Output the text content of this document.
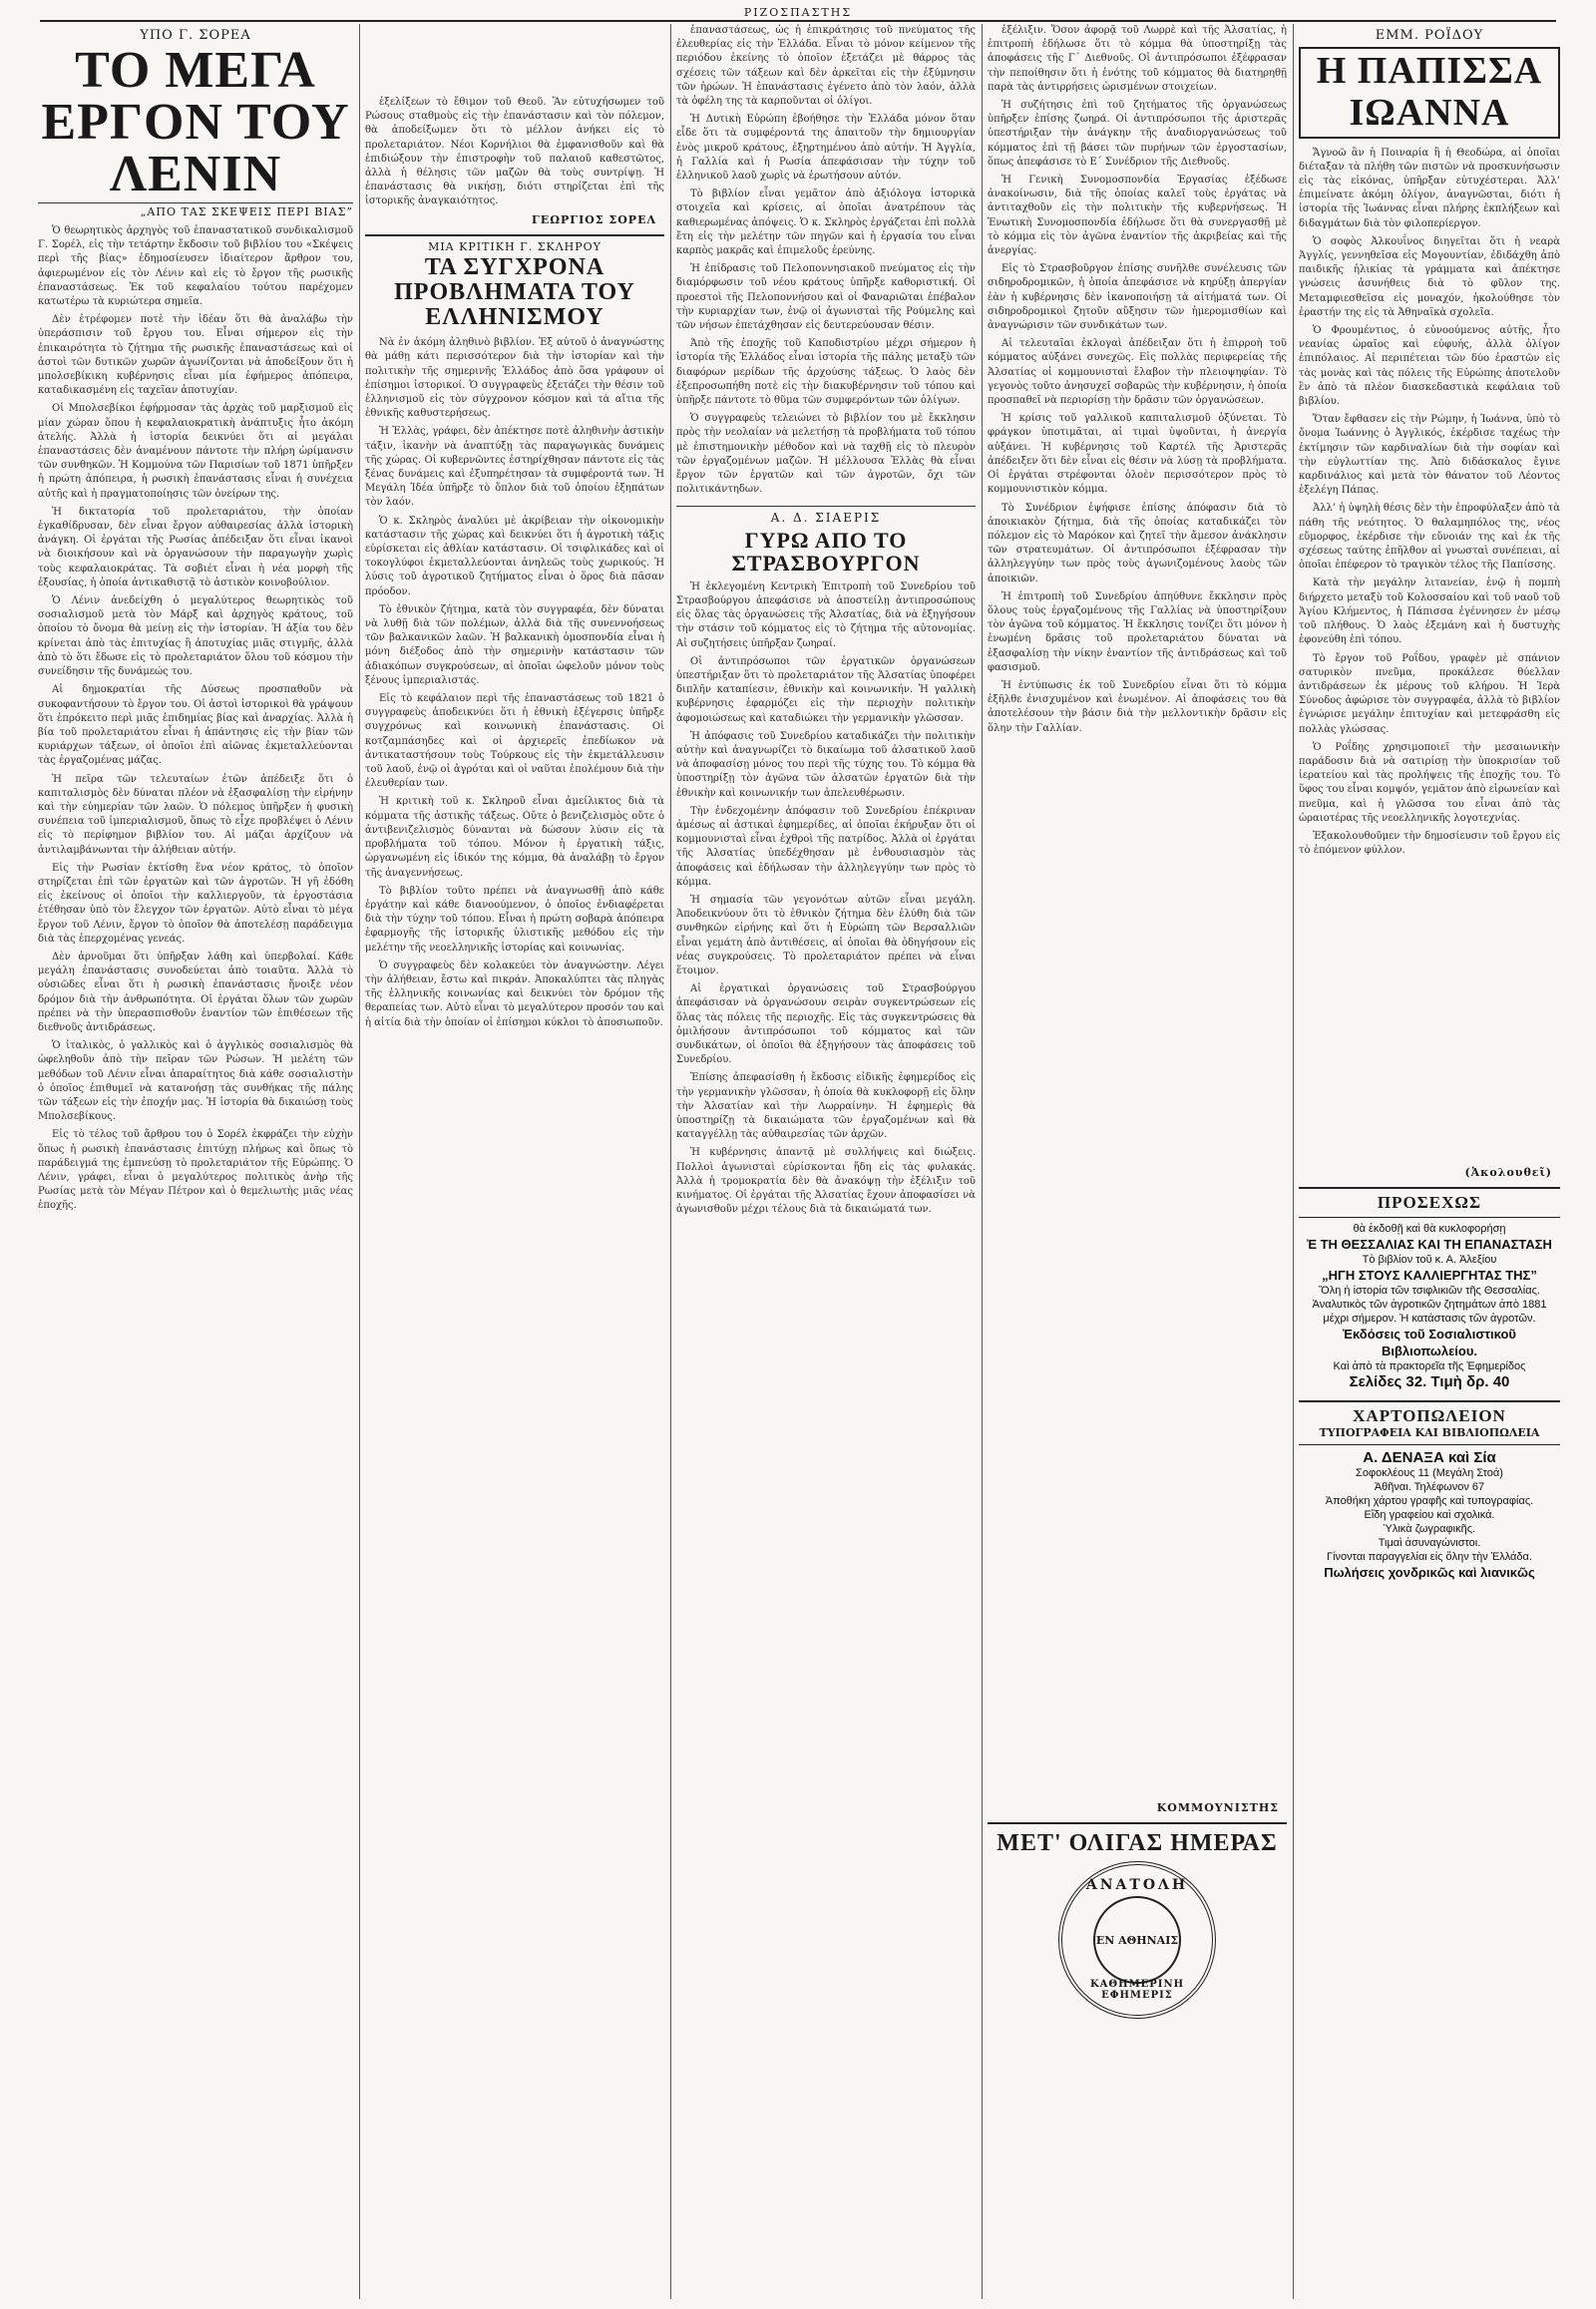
ΡΙΖΟΣΠΑΣΤΗΣ
ΥΠΟ Γ. ΣΟΡΕΑ
ΤΟ ΜΕΓΑ ΕΡΓΟΝ ΤΟΥ ΛΕΝΙΝ
„ΑΠΟ ΤΑΣ ΣΚΕΨΕΙΣ ΠΕΡΙ ΒΙΑΣ”

Ὁ θεωρητικὸς ἀρχηγὸς τοῦ ἐπαναστατικοῦ συνδικαλισμοῦ Γ. Σορέλ, εἰς τὴν τετάρτην ἔκδοσιν τοῦ βιβλίου του «Σκέψεις περὶ τῆς βίας» ἐδημοσίευσεν ἰδιαίτερον ἄρθρον του, ἀφιερωμένον εἰς τὸν Λένιν καὶ εἰς τὸ ἔργον τῆς ρωσικῆς ἐπαναστάσεως. Ἐκ τοῦ κεφαλαίου τούτου παρέχομεν κατωτέρω τὰ κυριώτερα σημεῖα.

Δὲν ἐτρέφομεν ποτὲ τὴν ἰδέαν ὅτι θὰ ἀναλάβω τὴν ὑπεράσπισιν τοῦ ἔργου του. Εἶναι σήμερον εἰς τὴν ἐπικαιρότητα τὸ ζήτημα τῆς ρωσικῆς ἐπαναστάσεως καὶ οἱ ἀστοὶ τῶν δυτικῶν χωρῶν ἀγωνίζονται νὰ ἀποδείξουν ὅτι ἡ μπολσεβίκικη κυβέρνησις εἶναι μία ἐφήμερος ἀπόπειρα, καταδικασμένη εἰς ταχεῖαν ἀποτυχίαν.

Οἱ Μπολσεβίκοι ἐφήρμοσαν τὰς ἀρχὰς τοῦ μαρξισμοῦ εἰς μίαν χώραν ὅπου ἡ κεφαλαιοκρατικὴ ἀνάπτυξις ἦτο ἀκόμη ἀτελής. Ἀλλὰ ἡ ἱστορία δεικνύει ὅτι αἱ μεγάλαι ἐπαναστάσεις δὲν ἀναμένουν πάντοτε τὴν πλήρη ὡρίμανσιν τῶν συνθηκῶν. Ἡ Κομμούνα τῶν Παρισίων τοῦ 1871 ὑπῆρξεν ἡ πρώτη ἀπόπειρα, ἡ ρωσικὴ ἐπανάστασις εἶναι ἡ συνέχεια αὐτῆς καὶ ἡ πραγματοποίησις τῶν ὀνείρων της.

Ἡ δικτατορία τοῦ προλεταριάτου, τὴν ὁποίαν ἐγκαθίδρυσαν, δὲν εἶναι ἔργον αὐθαιρεσίας ἀλλὰ ἱστορικὴ ἀνάγκη. Οἱ ἐργάται τῆς Ρωσίας ἀπέδειξαν ὅτι εἶναι ἱκανοὶ νὰ διοικήσουν καὶ νὰ ὀργανώσουν τὴν παραγωγὴν χωρὶς τοὺς κεφαλαιοκράτας. Τὰ σοβιέτ εἶναι ἡ νέα μορφὴ τῆς ἐξουσίας, ἡ ὁποία ἀντικαθιστᾷ τὸ ἀστικὸν κοινοβούλιον.

Ὁ Λένιν ἀνεδείχθη ὁ μεγαλύτερος θεωρητικὸς τοῦ σοσιαλισμοῦ μετὰ τὸν Μάρξ καὶ ἀρχηγὸς κράτους, τοῦ ὁποίου τὸ ὄνομα θὰ μείνῃ εἰς τὴν ἱστορίαν. Ἡ ἀξία του δὲν κρίνεται ἀπὸ τὰς ἐπιτυχίας ἢ ἀποτυχίας μιᾶς στιγμῆς, ἀλλὰ ἀπὸ τὸ ὅτι ἔδωσε εἰς τὸ προλεταριάτον ὅλου τοῦ κόσμου τὴν συνείδησιν τῆς δυνάμεώς του.

Αἱ δημοκρατίαι τῆς Δύσεως προσπαθοῦν νὰ συκοφαντήσουν τὸ ἔργον του. Οἱ ἀστοὶ ἱστορικοὶ θὰ γράψουν ὅτι ἐπρόκειτο περὶ μιᾶς ἐπιδημίας βίας καὶ ἀναρχίας. Ἀλλὰ ἡ βία τοῦ προλεταριάτου εἶναι ἡ ἀπάντησις εἰς τὴν βίαν τῶν κυριάρχων τάξεων, οἱ ὁποῖοι ἐπὶ αἰῶνας ἐκμεταλλεύονται τὰς ἐργαζομένας μάζας.

Ἡ πεῖρα τῶν τελευταίων ἐτῶν ἀπέδειξε ὅτι ὁ καπιταλισμὸς δὲν δύναται πλέον νὰ ἐξασφαλίσῃ τὴν εἰρήνην καὶ τὴν εὐημερίαν τῶν λαῶν. Ὁ πόλεμος ὑπῆρξεν ἡ φυσικὴ συνέπεια τοῦ ἰμπεριαλισμοῦ, ὅπως τὸ εἶχε προβλέψει ὁ Λένιν εἰς τὸ περίφημον βιβλίον του. Αἱ μάζαι ἀρχίζουν νὰ ἀντιλαμβάνωνται τὴν ἀλήθειαν αὐτήν.

Εἰς τὴν Ρωσίαν ἐκτίσθη ἕνα νέον κράτος, τὸ ὁποῖον στηρίζεται ἐπὶ τῶν ἐργατῶν καὶ τῶν ἀγροτῶν. Ἡ γῆ ἐδόθη εἰς ἐκείνους οἱ ὁποῖοι τὴν καλλιεργοῦν, τὰ ἐργοστάσια ἐτέθησαν ὑπὸ τὸν ἔλεγχον τῶν ἐργατῶν. Αὐτὸ εἶναι τὸ μέγα ἔργον τοῦ Λένιν, ἔργον τὸ ὁποῖον θὰ ἀποτελέσῃ παράδειγμα διὰ τὰς ἐπερχομένας γενεάς.

Δὲν ἀρνοῦμαι ὅτι ὑπῆρξαν λάθη καὶ ὑπερβολαί. Κάθε μεγάλη ἐπανάστασις συνοδεύεται ἀπὸ τοιαῦτα. Ἀλλὰ τὸ οὐσιῶδες εἶναι ὅτι ἡ ρωσικὴ ἐπανάστασις ἤνοιξε νέον δρόμον διὰ τὴν ἀνθρωπότητα. Οἱ ἐργάται ὅλων τῶν χωρῶν πρέπει νὰ τὴν ὑπερασπισθοῦν ἐναντίον τῶν ἐπιθέσεων τῆς διεθνοῦς ἀντιδράσεως.

Ὁ ἰταλικὸς, ὁ γαλλικὸς καὶ ὁ ἀγγλικὸς σοσιαλισμὸς θὰ ὠφεληθοῦν ἀπὸ τὴν πεῖραν τῶν Ρώσων. Ἡ μελέτη τῶν μεθόδων τοῦ Λένιν εἶναι ἀπαραίτητος διὰ κάθε σοσιαλιστὴν ὁ ὁποῖος ἐπιθυμεῖ νὰ κατανοήσῃ τὰς συνθήκας τῆς πάλης τῶν τάξεων εἰς τὴν ἐποχήν μας. Ἡ ἱστορία θὰ δικαιώσῃ τοὺς Μπολσεβίκους.

Εἰς τὸ τέλος τοῦ ἄρθρου του ὁ Σορέλ ἐκφράζει τὴν εὐχὴν ὅπως ἡ ρωσικὴ ἐπανάστασις ἐπιτύχῃ πλήρως καὶ ὅπως τὸ παράδειγμά της ἐμπνεύσῃ τὸ προλεταριάτον τῆς Εὐρώπης. Ὁ Λένιν, γράφει, εἶναι ὁ μεγαλύτερος πολιτικὸς ἀνὴρ τῆς Ρωσίας μετὰ τὸν Μέγαν Πέτρον καὶ ὁ θεμελιωτὴς μιᾶς νέας ἐποχῆς.

ἐξελίξεων τὸ ἔθιμον τοῦ Θεοῦ. Ἂν εὐτυχήσωμεν τοῦ Ρώσους σταθμοὺς εἰς τὴν ἐπανάστασιν καὶ τὸν πόλεμον, θὰ ἀποδείξωμεν ὅτι τὸ μέλλον ἀνήκει εἰς τὸ προλεταριάτον. Νέοι Κορνήλιοι θὰ ἐμφανισθοῦν καὶ θὰ ἐπιδιώξουν τὴν ἐπιστροφὴν τοῦ παλαιοῦ καθεστῶτος, ἀλλὰ ἡ θέλησις τῶν μαζῶν θὰ τοὺς συντρίψῃ. Ἡ ἐπανάστασις θὰ νικήσῃ, διότι στηρίζεται ἐπὶ τῆς ἱστορικῆς ἀναγκαιότητος.

ΓΕΩΡΓΙΟΣ ΣΟΡΕΛ
ΜΙΑ ΚΡΙΤΙΚΗ Γ. ΣΚΛΗΡΟΥ
ΤΑ ΣΥΓΧΡΟΝΑ ΠΡΟΒΛΗΜΑΤΑ ΤΟΥ ΕΛΛΗΝΙΣΜΟΥ

Νὰ ἐν ἀκόμη ἀληθινὸ βιβλίον. Ἐξ αὐτοῦ ὁ ἀναγνώστης θὰ μάθῃ κάτι περισσότερον διὰ τὴν ἱστορίαν καὶ τὴν πολιτικὴν τῆς σημερινῆς Ἑλλάδος ἀπὸ ὅσα γράφουν οἱ ἐπίσημοι ἱστορικοί. Ὁ συγγραφεὺς ἐξετάζει τὴν θέσιν τοῦ ἑλληνισμοῦ εἰς τὸν σύγχρονον κόσμον καὶ τὰ αἴτια τῆς ἐθνικῆς καθυστερήσεως.

Ἡ Ἑλλὰς, γράφει, δὲν ἀπέκτησε ποτὲ ἀληθινὴν ἀστικὴν τάξιν, ἱκανὴν νὰ ἀναπτύξῃ τὰς παραγωγικὰς δυνάμεις τῆς χώρας. Οἱ κυβερνῶντες ἐστηρίχθησαν πάντοτε εἰς τὰς ξένας δυνάμεις καὶ ἐξυπηρέτησαν τὰ συμφέροντά των. Ἡ Μεγάλη Ἰδέα ὑπῆρξε τὸ ὅπλον διὰ τοῦ ὁποίου ἐξηπάτων τὸν λαόν.

Ὁ κ. Σκληρὸς ἀναλύει μὲ ἀκρίβειαν τὴν οἰκονομικὴν κατάστασιν τῆς χώρας καὶ δεικνύει ὅτι ἡ ἀγροτικὴ τάξις εὑρίσκεται εἰς ἀθλίαν κατάστασιν. Οἱ τσιφλικάδες καὶ οἱ τοκογλύφοι ἐκμεταλλεύονται ἀνηλεῶς τοὺς χωρικούς. Ἡ λύσις τοῦ ἀγροτικοῦ ζητήματος εἶναι ὁ ὅρος διὰ πᾶσαν πρόοδον.

Τὸ ἐθνικὸν ζήτημα, κατὰ τὸν συγγραφέα, δὲν δύναται νὰ λυθῇ διὰ τῶν πολέμων, ἀλλὰ διὰ τῆς συνεννοήσεως τῶν βαλκανικῶν λαῶν. Ἡ βαλκανικὴ ὁμοσπονδία εἶναι ἡ μόνη διέξοδος ἀπὸ τὴν σημερινὴν κατάστασιν τῶν ἀδιακόπων συγκρούσεων, αἱ ὁποῖαι ὠφελοῦν μόνον τοὺς ξένους ἰμπεριαλιστάς.

Εἰς τὸ κεφάλαιον περὶ τῆς ἐπαναστάσεως τοῦ 1821 ὁ συγγραφεὺς ἀποδεικνύει ὅτι ἡ ἐθνικὴ ἐξέγερσις ὑπῆρξε συγχρόνως καὶ κοινωνικὴ ἐπανάστασις. Οἱ κοτζαμπάσηδες καὶ οἱ ἀρχιερεῖς ἐπεδίωκον νὰ ἀντικαταστήσουν τοὺς Τούρκους εἰς τὴν ἐκμετάλλευσιν τοῦ λαοῦ, ἐνῷ οἱ ἀγρόται καὶ οἱ ναῦται ἐπολέμουν διὰ τὴν ἐλευθερίαν των.

Ἡ κριτικὴ τοῦ κ. Σκληροῦ εἶναι ἀμείλικτος διὰ τὰ κόμματα τῆς ἀστικῆς τάξεως. Οὔτε ὁ βενιζελισμὸς οὔτε ὁ ἀντιβενιζελισμὸς δύνανται νὰ δώσουν λύσιν εἰς τὰ προβλήματα τοῦ τόπου. Μόνον ἡ ἐργατικὴ τάξις, ὠργανωμένη εἰς ἰδικόν της κόμμα, θὰ ἀναλάβῃ τὸ ἔργον τῆς ἀναγεννήσεως.

Τὸ βιβλίον τοῦτο πρέπει νὰ ἀναγνωσθῇ ἀπὸ κάθε ἐργάτην καὶ κάθε διανοούμενον, ὁ ὁποῖος ἐνδιαφέρεται διὰ τὴν τύχην τοῦ τόπου. Εἶναι ἡ πρώτη σοβαρὰ ἀπόπειρα ἐφαρμογῆς τῆς ἱστορικῆς ὑλιστικῆς μεθόδου εἰς τὴν μελέτην τῆς νεοελληνικῆς ἱστορίας καὶ κοινωνίας.

Ὁ συγγραφεὺς δὲν κολακεύει τὸν ἀναγνώστην. Λέγει τὴν ἀλήθειαν, ἔστω καὶ πικράν. Ἀποκαλύπτει τὰς πληγὰς τῆς ἑλληνικῆς κοινωνίας καὶ δεικνύει τὸν δρόμον τῆς θεραπείας των. Αὐτὸ εἶναι τὸ μεγαλύτερον προσόν του καὶ ἡ αἰτία διὰ τὴν ὁποίαν οἱ ἐπίσημοι κύκλοι τὸ ἀποσιωποῦν.

ἐπαναστάσεως, ὡς ἡ ἐπικράτησις τοῦ πνεύματος τῆς ἐλευθερίας εἰς τὴν Ἑλλάδα. Εἶναι τὸ μόνον κείμενον τῆς περιόδου ἐκείνης τὸ ὁποῖον ἐξετάζει μὲ θάρρος τὰς σχέσεις τῶν τάξεων καὶ δὲν ἀρκεῖται εἰς τὴν ἐξύμνησιν τῶν ἡρώων. Ἡ ἐπανάστασις ἐγένετο ἀπὸ τὸν λαόν, ἀλλὰ τὰ ὀφέλη της τὰ καρποῦνται οἱ ὀλίγοι.

Ἡ Δυτικὴ Εὐρώπη ἐβοήθησε τὴν Ἑλλάδα μόνον ὅταν εἶδε ὅτι τὰ συμφέροντά της ἀπαιτοῦν τὴν δημιουργίαν ἑνὸς μικροῦ κράτους, ἐξηρτημένου ἀπὸ αὐτήν. Ἡ Ἀγγλία, ἡ Γαλλία καὶ ἡ Ρωσία ἀπεφάσισαν τὴν τύχην τοῦ ἑλληνικοῦ λαοῦ χωρὶς νὰ ἐρωτήσουν αὐτόν.

Τὸ βιβλίον εἶναι γεμᾶτον ἀπὸ ἀξιόλογα ἱστορικὰ στοιχεῖα καὶ κρίσεις, αἱ ὁποῖαι ἀνατρέπουν τὰς καθιερωμένας ἀπόψεις. Ὁ κ. Σκληρὸς ἐργάζεται ἐπὶ πολλὰ ἔτη εἰς τὴν μελέτην τῶν πηγῶν καὶ ἡ ἐργασία του εἶναι καρπὸς μακρᾶς καὶ ἐπιμελοῦς ἐρεύνης.

Ἡ ἐπίδρασις τοῦ Πελοποννησιακοῦ πνεύματος εἰς τὴν διαμόρφωσιν τοῦ νέου κράτους ὑπῆρξε καθοριστική. Οἱ προεστοὶ τῆς Πελοποννήσου καὶ οἱ Φαναριῶται ἐπέβαλον τὴν κυριαρχίαν των, ἐνῷ οἱ ἀγωνισταὶ τῆς Ρούμελης καὶ τῶν νήσων ἐπετάχθησαν εἰς δευτερεύουσαν θέσιν.

Ἀπὸ τῆς ἐποχῆς τοῦ Καποδιστρίου μέχρι σήμερον ἡ ἱστορία τῆς Ἑλλάδος εἶναι ἱστορία τῆς πάλης μεταξὺ τῶν διαφόρων μερίδων τῆς ἀρχούσης τάξεως. Ὁ λαὸς δὲν ἐξεπροσωπήθη ποτὲ εἰς τὴν διακυβέρνησιν τοῦ τόπου καὶ ὑπῆρξε πάντοτε τὸ θῦμα τῶν συμφερόντων τῶν ὀλίγων.

Ὁ συγγραφεὺς τελειώνει τὸ βιβλίον του μὲ ἔκκλησιν πρὸς τὴν νεολαίαν νὰ μελετήσῃ τὰ προβλήματα τοῦ τόπου μὲ ἐπιστημονικὴν μέθοδον καὶ νὰ ταχθῇ εἰς τὸ πλευρὸν τῶν ἐργαζομένων μαζῶν. Ἡ μέλλουσα Ἑλλὰς θὰ εἶναι ἔργον τῶν ἐργατῶν καὶ τῶν ἀγροτῶν, ὄχι τῶν πολιτικάντηδων.

Α. Δ. ΣΙΑΕΡΙΣ
ΓΥΡΩ ΑΠΟ ΤΟ ΣΤΡΑΣΒΟΥΡΓΟΝ

Ἡ ἐκλεγομένη Κεντρικὴ Ἐπιτροπὴ τοῦ Συνεδρίου τοῦ Στρασβούργου ἀπεφάσισε νὰ ἀποστείλῃ ἀντιπροσώπους εἰς ὅλας τὰς ὀργανώσεις τῆς Ἀλσατίας, διὰ νὰ ἐξηγήσουν τὴν στάσιν τοῦ κόμματος εἰς τὸ ζήτημα τῆς αὐτονομίας. Αἱ συζητήσεις ὑπῆρξαν ζωηραί.

Οἱ ἀντιπρόσωποι τῶν ἐργατικῶν ὀργανώσεων ὑπεστήριξαν ὅτι τὸ προλεταριάτον τῆς Ἀλσατίας ὑποφέρει διπλῆν καταπίεσιν, ἐθνικὴν καὶ κοινωνικήν. Ἡ γαλλικὴ κυβέρνησις ἐφαρμόζει εἰς τὴν περιοχὴν πολιτικὴν ἀφομοιώσεως καὶ καταδιώκει τὴν γερμανικὴν γλῶσσαν.

Ἡ ἀπόφασις τοῦ Συνεδρίου καταδικάζει τὴν πολιτικὴν αὐτὴν καὶ ἀναγνωρίζει τὸ δικαίωμα τοῦ ἀλσατικοῦ λαοῦ νὰ ἀποφασίσῃ μόνος του περὶ τῆς τύχης του. Τὸ κόμμα θὰ ὑποστηρίξῃ τὸν ἀγῶνα τῶν ἀλσατῶν ἐργατῶν διὰ τὴν ἐθνικὴν καὶ κοινωνικήν των ἀπελευθέρωσιν.

Τὴν ἐνδεχομένην ἀπόφασιν τοῦ Συνεδρίου ἐπέκριναν ἀμέσως αἱ ἀστικαὶ ἐφημερίδες, αἱ ὁποῖαι ἐκήρυξαν ὅτι οἱ κομμουνισταὶ εἶναι ἐχθροὶ τῆς πατρίδος. Ἀλλὰ οἱ ἐργάται τῆς Ἀλσατίας ὑπεδέχθησαν μὲ ἐνθουσιασμὸν τὰς ἀποφάσεις καὶ ἐδήλωσαν τὴν ἀλληλεγγύην των πρὸς τὸ κόμμα.

Ἡ σημασία τῶν γεγονότων αὐτῶν εἶναι μεγάλη. Ἀποδεικνύουν ὅτι τὸ ἐθνικὸν ζήτημα δὲν ἐλύθη διὰ τῶν συνθηκῶν εἰρήνης καὶ ὅτι ἡ Εὐρώπη τῶν Βερσαλλιῶν εἶναι γεμάτη ἀπὸ ἀντιθέσεις, αἱ ὁποῖαι θὰ ὁδηγήσουν εἰς νέας συγκρούσεις. Τὸ προλεταριάτον πρέπει νὰ εἶναι ἕτοιμον.

Αἱ ἐργατικαὶ ὀργανώσεις τοῦ Στρασβούργου ἀπεφάσισαν νὰ ὀργανώσουν σειρὰν συγκεντρώσεων εἰς ὅλας τὰς πόλεις τῆς περιοχῆς. Εἰς τὰς συγκεντρώσεις θὰ ὁμιλήσουν ἀντιπρόσωποι τοῦ κόμματος καὶ τῶν συνδικάτων, οἱ ὁποῖοι θὰ ἐξηγήσουν τὰς ἀποφάσεις τοῦ Συνεδρίου.

Ἐπίσης ἀπεφασίσθη ἡ ἔκδοσις εἰδικῆς ἐφημερίδος εἰς τὴν γερμανικὴν γλῶσσαν, ἡ ὁποία θὰ κυκλοφορῇ εἰς ὅλην τὴν Ἀλσατίαν καὶ τὴν Λωρραίνην. Ἡ ἐφημερὶς θὰ ὑποστηρίζῃ τὰ δικαιώματα τῶν ἐργαζομένων καὶ θὰ καταγγέλλῃ τὰς αὐθαιρεσίας τῶν ἀρχῶν.

Ἡ κυβέρνησις ἀπαντᾷ μὲ συλλήψεις καὶ διώξεις. Πολλοὶ ἀγωνισταὶ εὑρίσκονται ἤδη εἰς τὰς φυλακάς. Ἀλλὰ ἡ τρομοκρατία δὲν θὰ ἀνακόψῃ τὴν ἐξέλιξιν τοῦ κινήματος. Οἱ ἐργάται τῆς Ἀλσατίας ἔχουν ἀποφασίσει νὰ ἀγωνισθοῦν μέχρι τέλους διὰ τὰ δικαιώματά των.

ἐξέλιξιν. Ὅσον ἀφορᾷ τοῦ Λωρρὲ καὶ τῆς Ἀλσατίας, ἡ ἐπιτροπὴ ἐδήλωσε ὅτι τὸ κόμμα θὰ ὑποστηρίξῃ τὰς ἀποφάσεις τῆς Γ΄ Διεθνοῦς. Οἱ ἀντιπρόσωποι ἐξέφρασαν τὴν πεποίθησιν ὅτι ἡ ἐνότης τοῦ κόμματος θὰ διατηρηθῇ παρὰ τὰς ἀντιρρήσεις ὡρισμένων στοιχείων.

Ἡ συζήτησις ἐπὶ τοῦ ζητήματος τῆς ὀργανώσεως ὑπῆρξεν ἐπίσης ζωηρά. Οἱ ἀντιπρόσωποι τῆς ἀριστερᾶς ὑπεστήριξαν τὴν ἀνάγκην τῆς ἀναδιοργανώσεως τοῦ κόμματος ἐπὶ τῇ βάσει τῶν πυρήνων τῶν ἐργοστασίων, ὅπως ἀπεφάσισε τὸ Ε΄ Συνέδριον τῆς Διεθνοῦς.

Ἡ Γενικὴ Συνομοσπονδία Ἐργασίας ἐξέδωσε ἀνακοίνωσιν, διὰ τῆς ὁποίας καλεῖ τοὺς ἐργάτας νὰ ἀντιταχθοῦν εἰς τὴν πολιτικὴν τῆς κυβερνήσεως. Ἡ Ἑνωτικὴ Συνομοσπονδία ἐδήλωσε ὅτι θὰ συνεργασθῇ μὲ τὸ κόμμα εἰς τὸν ἀγῶνα ἐναντίον τῆς ἀκριβείας καὶ τῆς ἀνεργίας.

Εἰς τὸ Στρασβοῦργον ἐπίσης συνῆλθε συνέλευσις τῶν σιδηροδρομικῶν, ἡ ὁποία ἀπεφάσισε νὰ κηρύξῃ ἀπεργίαν ἐὰν ἡ κυβέρνησις δὲν ἱκανοποιήσῃ τὰ αἰτήματά των. Οἱ σιδηροδρομικοὶ ζητοῦν αὔξησιν τῶν ἡμερομισθίων καὶ ἀναγνώρισιν τῶν συνδικάτων των.

Αἱ τελευταῖαι ἐκλογαὶ ἀπέδειξαν ὅτι ἡ ἐπιρροὴ τοῦ κόμματος αὐξάνει συνεχῶς. Εἰς πολλὰς περιφερείας τῆς Ἀλσατίας οἱ κομμουνισταὶ ἔλαβον τὴν πλειοψηφίαν. Τὸ γεγονὸς τοῦτο ἀνησυχεῖ σοβαρῶς τὴν κυβέρνησιν, ἡ ὁποία προσπαθεῖ νὰ περιορίσῃ τὴν δρᾶσιν τῶν ὀργανώσεων.

Ἡ κρίσις τοῦ γαλλικοῦ καπιταλισμοῦ ὀξύνεται. Τὸ φράγκον ὑποτιμᾶται, αἱ τιμαὶ ὑψοῦνται, ἡ ἀνεργία αὐξάνει. Ἡ κυβέρνησις τοῦ Καρτέλ τῆς Ἀριστερᾶς ἀπέδειξεν ὅτι δὲν εἶναι εἰς θέσιν νὰ λύσῃ τὰ προβλήματα. Οἱ ἐργάται στρέφονται ὁλοὲν περισσότερον πρὸς τὸ κομμουνιστικὸν κόμμα.

Τὸ Συνέδριον ἐψήφισε ἐπίσης ἀπόφασιν διὰ τὸ ἀποικιακὸν ζήτημα, διὰ τῆς ὁποίας καταδικάζει τὸν πόλεμον εἰς τὸ Μαρόκον καὶ ζητεῖ τὴν ἄμεσον ἀνάκλησιν τῶν στρατευμάτων. Οἱ ἀντιπρόσωποι ἐξέφρασαν τὴν ἀλληλεγγύην των πρὸς τοὺς ἀγωνιζομένους λαοὺς τῶν ἀποικιῶν.

Ἡ ἐπιτροπὴ τοῦ Συνεδρίου ἀπηύθυνε ἔκκλησιν πρὸς ὅλους τοὺς ἐργαζομένους τῆς Γαλλίας νὰ ὑποστηρίξουν τὸν ἀγῶνα τοῦ κόμματος. Ἡ ἔκκλησις τονίζει ὅτι μόνον ἡ ἑνωμένη δρᾶσις τοῦ προλεταριάτου δύναται νὰ ἐξασφαλίσῃ τὴν νίκην ἐναντίον τῆς ἀντιδράσεως καὶ τοῦ φασισμοῦ.

Ἡ ἐντύπωσις ἐκ τοῦ Συνεδρίου εἶναι ὅτι τὸ κόμμα ἐξῆλθε ἐνισχυμένον καὶ ἑνωμένον. Αἱ ἀποφάσεις του θὰ ἀποτελέσουν τὴν βάσιν διὰ τὴν μελλοντικὴν δρᾶσιν εἰς ὅλην τὴν Γαλλίαν.

ΚΟΜΜΟΥΝΙΣΤΗΣ
ΜΕΤ' ΟΛΙΓΑΣ ΗΜΕΡΑΣ
ΑΝΑΤΟΛΗ
ΕΝ ΑΘΗΝΑΙΣ
ΚΑΘΗΜΕΡΙΝΗ ΕΦΗΜΕΡΙΣ
ΕΜΜ. ΡΟΪΔΟΥ
Η ΠΑΠΙΣΣΑ ΙΩΑΝΝΑ

Ἄγνοῶ ἂν ἡ Ποιναρία ἢ ἡ Θεοδώρα, αἱ ὁποῖαι διέταξαν τὰ πλήθη τῶν πιστῶν νὰ προσκυνήσωσιν εἰς τὰς εἰκόνας, ὑπῆρξαν εὐτυχέστεραι. Ἀλλ’ ἐπιμείνατε ἀκόμη ὀλίγον, ἀναγνῶσται, διότι ἡ ἱστορία τῆς Ἰωάννας εἶναι πλήρης ἐκπλήξεων καὶ διδαγμάτων διὰ τὸν φιλοπερίεργον.

Ὁ σοφὸς Ἀλκουΐνος διηγεῖται ὅτι ἡ νεαρὰ Ἀγγλίς, γεννηθεῖσα εἰς Μογουντίαν, ἐδιδάχθη ἀπὸ παιδικῆς ἡλικίας τὰ γράμματα καὶ ἀπέκτησε γνώσεις ἀσυνήθεις διὰ τὸ φῦλον της. Μεταμφιεσθεῖσα εἰς μοναχόν, ἠκολούθησε τὸν ἐραστήν της εἰς τὰ Ἀθηναϊκὰ σχολεῖα.

Ὁ Φρουμέντιος, ὁ εὐνοούμενος αὐτῆς, ἦτο νεανίας ὡραῖος καὶ εὐφυής, ἀλλὰ ὀλίγον ἐπιπόλαιος. Αἱ περιπέτειαι τῶν δύο ἐραστῶν εἰς τὰς μονὰς καὶ τὰς πόλεις τῆς Εὐρώπης ἀποτελοῦν ἓν ἀπὸ τὰ πλέον διασκεδαστικὰ κεφάλαια τοῦ βιβλίου.

Ὅταν ἔφθασεν εἰς τὴν Ρώμην, ἡ Ἰωάννα, ὑπὸ τὸ ὄνομα Ἰωάννης ὁ Ἀγγλικός, ἐκέρδισε ταχέως τὴν ἐκτίμησιν τῶν καρδιναλίων διὰ τὴν σοφίαν καὶ τὴν εὐγλωττίαν της. Ἀπὸ διδάσκαλος ἔγινε καρδινάλιος καὶ μετὰ τὸν θάνατον τοῦ Λέοντος ἐξελέγη Πάπας.

Ἀλλ’ ἡ ὑψηλὴ θέσις δὲν τὴν ἐπροφύλαξεν ἀπὸ τὰ πάθη τῆς νεότητος. Ὁ θαλαμηπόλος της, νέος εὔμορφος, ἐκέρδισε τὴν εὔνοιάν της καὶ ἐκ τῆς σχέσεως ταύτης ἐπῆλθον αἱ γνωσταὶ συνέπειαι, αἱ ὁποῖαι ἐπέφερον τὸ τραγικὸν τέλος τῆς Παπίσσης.

Κατὰ τὴν μεγάλην λιτανείαν, ἐνῷ ἡ πομπὴ διήρχετο μεταξὺ τοῦ Κολοσσαίου καὶ τοῦ ναοῦ τοῦ Ἁγίου Κλήμεντος, ἡ Πάπισσα ἐγέννησεν ἐν μέσῳ τοῦ πλήθους. Ὁ λαὸς ἐξεμάνη καὶ ἡ δυστυχὴς ἐφονεύθη ἐπὶ τόπου.

Τὸ ἔργον τοῦ Ροΐδου, γραφὲν μὲ σπάνιον σατυρικὸν πνεῦμα, προκάλεσε θύελλαν ἀντιδράσεων ἐκ μέρους τοῦ κλήρου. Ἡ Ἱερὰ Σύνοδος ἀφώρισε τὸν συγγραφέα, ἀλλὰ τὸ βιβλίον ἐγνώρισε μεγάλην ἐπιτυχίαν καὶ μετεφράσθη εἰς πολλὰς γλώσσας.

Ὁ Ροΐδης χρησιμοποιεῖ τὴν μεσαιωνικὴν παράδοσιν διὰ νὰ σατιρίσῃ τὴν ὑποκρισίαν τοῦ ἱερατείου καὶ τὰς προλήψεις τῆς ἐποχῆς του. Τὸ ὕφος του εἶναι κομψόν, γεμᾶτον ἀπὸ εἰρωνείαν καὶ πνεῦμα, καὶ ἡ γλῶσσα του εἶναι ἀπὸ τὰς ὡραιοτέρας τῆς νεοελληνικῆς λογοτεχνίας.

Ἐξακολουθοῦμεν τὴν δημοσίευσιν τοῦ ἔργου εἰς τὸ ἐπόμενον φύλλον.

(Ἀκολουθεῖ)
ΠΡΟΣΕΧΩΣ

θὰ ἐκδοθῇ καὶ θὰ κυκλοφορήσῃ

Ἐ ΤΗ ΘΕΣΣΑΛΙΑΣ ΚΑΙ ΤΗ ΕΠΑΝΑΣΤΑΣΗ

Τὸ βιβλίον τοῦ κ. Α. Ἀλεξίου

„ΗΓΗ ΣΤΟΥΣ ΚΑΛΛΙΕΡΓΗΤΑΣ ΤΗΣ”

Ὅλη ἡ ἱστορία τῶν τσιφλικιῶν τῆς Θεσσαλίας. Ἀναλυτικὸς τῶν ἀγροτικῶν ζητημάτων ἀπὸ 1881 μέχρι σήμερον. Ἡ κατάστασις τῶν ἀγροτῶν.

Ἐκδόσεις τοῦ Σοσιαλιστικοῦ Βιβλιοπωλείου.

Καὶ ἀπὸ τὰ πρακτορεῖα τῆς Ἐφημερίδος

Σελίδες 32. Τιμὴ δρ. 40

ΧΑΡΤΟΠΩΛΕΙΟΝ
ΤΥΠΟΓΡΑΦΕΙΑ ΚΑΙ ΒΙΒΛΙΟΠΩΛΕΙΑ

Α. ΔΕΝΑΞΑ καὶ Σία

Σοφοκλέους 11 (Μεγάλη Στοά)

Ἀθῆναι. Τηλέφωνον 67

Ἀποθήκη χάρτου γραφῆς καὶ τυπογραφίας.

Εἴδη γραφείου καὶ σχολικά.

Ὑλικὰ ζωγραφικῆς.

Τιμαὶ ἀσυναγώνιστοι.

Γίνονται παραγγελίαι εἰς ὅλην τὴν Ἑλλάδα.

Πωλήσεις χονδρικῶς καὶ λιανικῶς
